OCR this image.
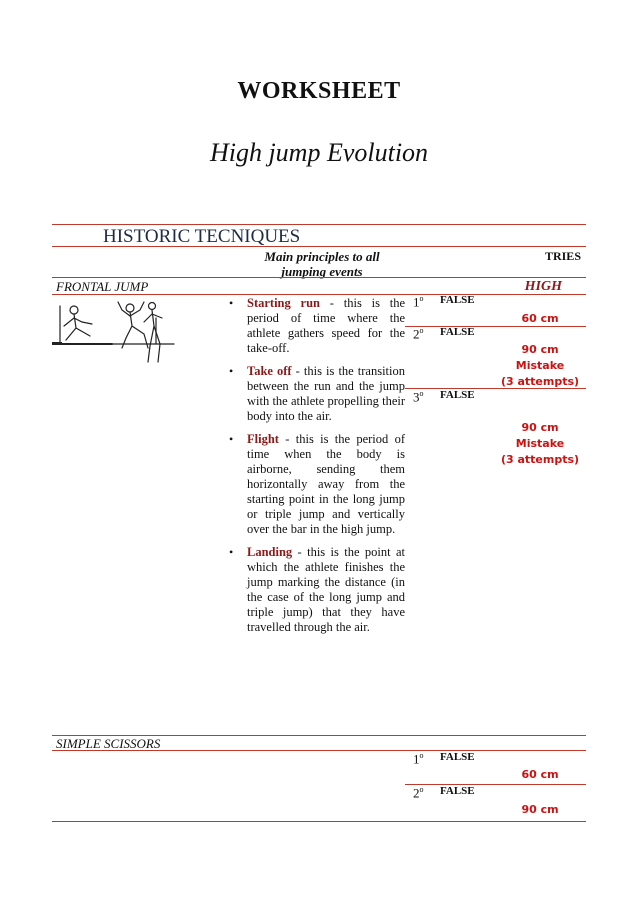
WORKSHEET
High jump Evolution
HISTORIC TECNIQUES
Main principles to all jumping events
TRIES
FRONTAL JUMP	HIGH
• Starting run - this is the period of time where the athlete gathers speed for the take-off.
• Take off - this is the transition between the run and the jump with the athlete propelling their body into the air.
• Flight - this is the period of time when the body is airborne, sending them horizontally away from the starting point in the long jump or triple jump and vertically over the bar in the high jump.
• Landing - this is the point at which the athlete finishes the jump marking the distance (in the case of the long jump and triple jump) that they have travelled through the air.
1$^o$ FALSE
60 cm
2$^o$ FALSE
90 cm
Mistake
(3 attempts)
3$^o$ FALSE
90 cm
Mistake
(3 attempts)
SIMPLE SCISSORS
1$^o$ FALSE
60 cm
2$^o$ FALSE
90 cm
